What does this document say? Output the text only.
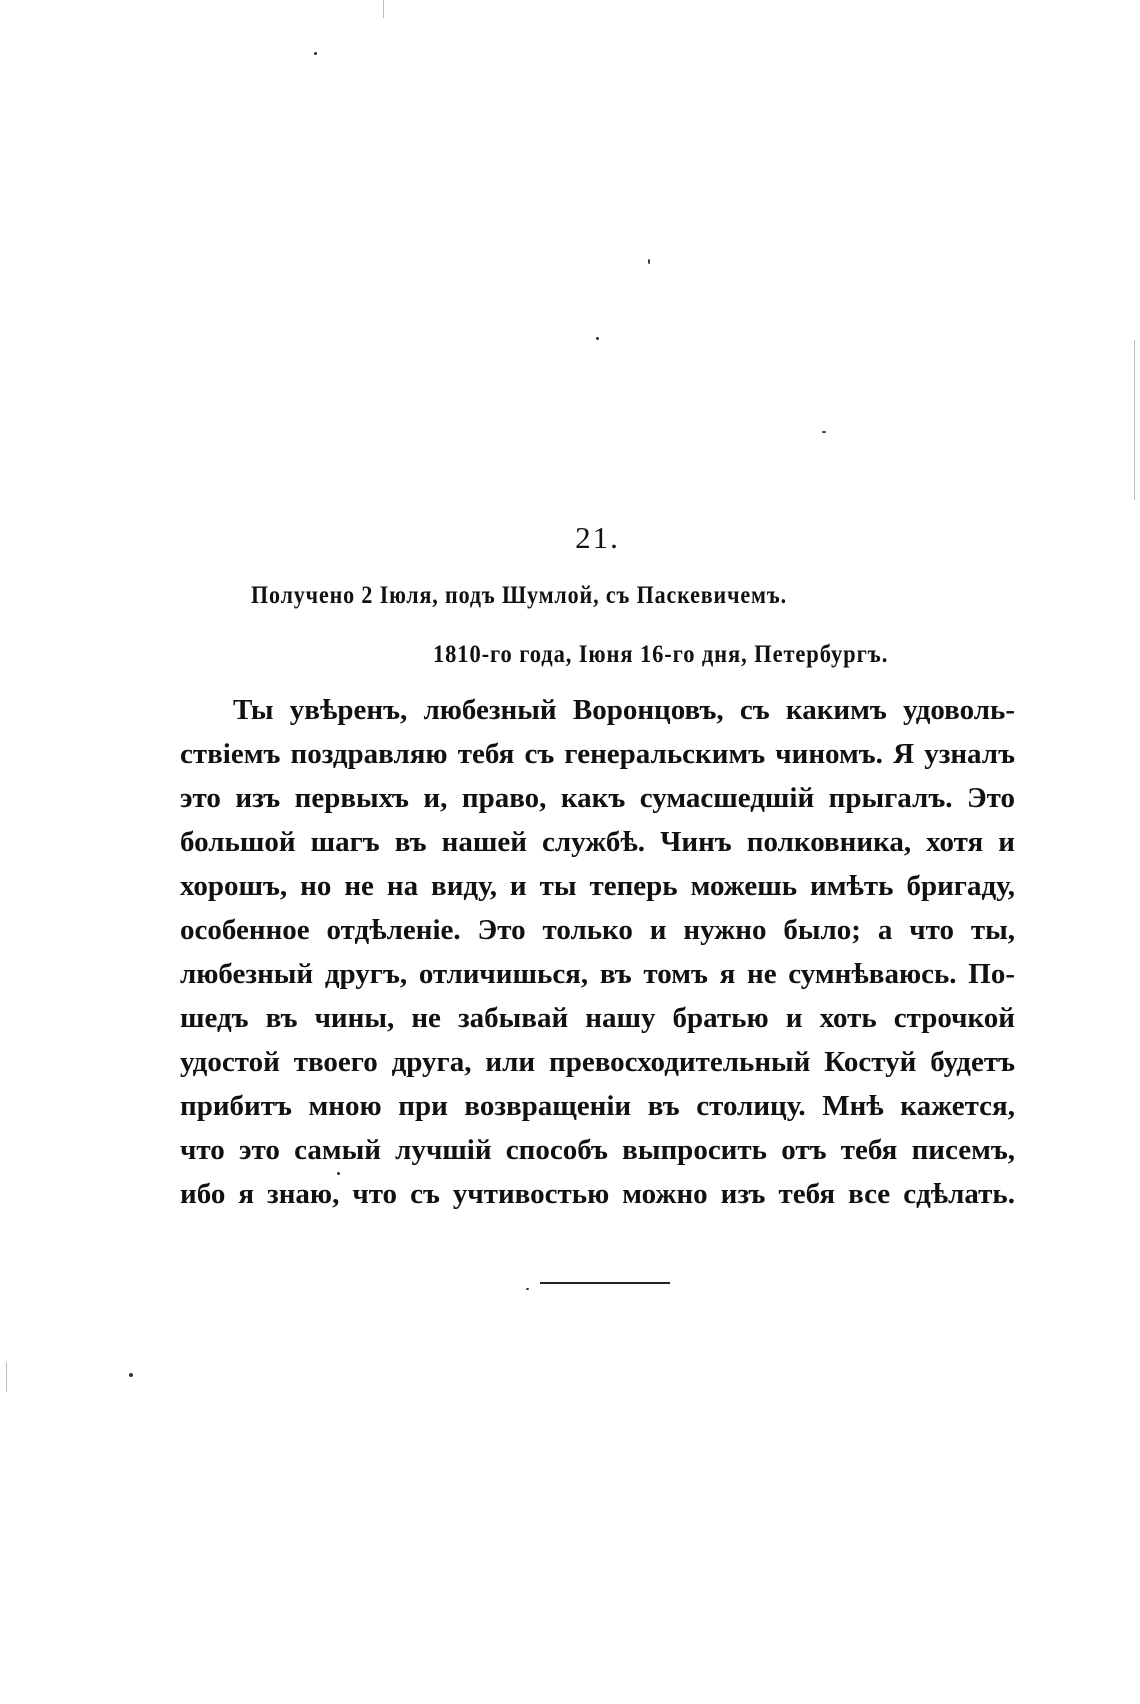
21.
Получено 2 Іюля, подъ Шумлой, съ Паскевичемъ.
1810-го года, Іюня 16-го дня, Петербургъ.
Ты увѣренъ, любезный Воронцовъ, съ какимъ удоволь-
ствіемъ поздравляю тебя съ генеральскимъ чиномъ. Я узналъ
это изъ первыхъ и, право, какъ сумасшедшій прыгалъ. Это
большой шагъ въ нашей службѣ. Чинъ полковника, хотя и
хорошъ, но не на виду, и ты теперь можешь имѣть бригаду,
особенное отдѣленіе. Это только и нужно было; а что ты,
любезный другъ, отличишься, въ томъ я не сумнѣваюсь. По-
шедъ въ чины, не забывай нашу братью и хоть строчкой
удостой твоего друга, или превосходительный Костуй будетъ
прибитъ мною при возвращеніи въ столицу. Мнѣ кажется,
что это самый лучшій способъ выпросить отъ тебя писемъ,
ибо я знаю, что съ учтивостью можно изъ тебя все сдѣлать.
